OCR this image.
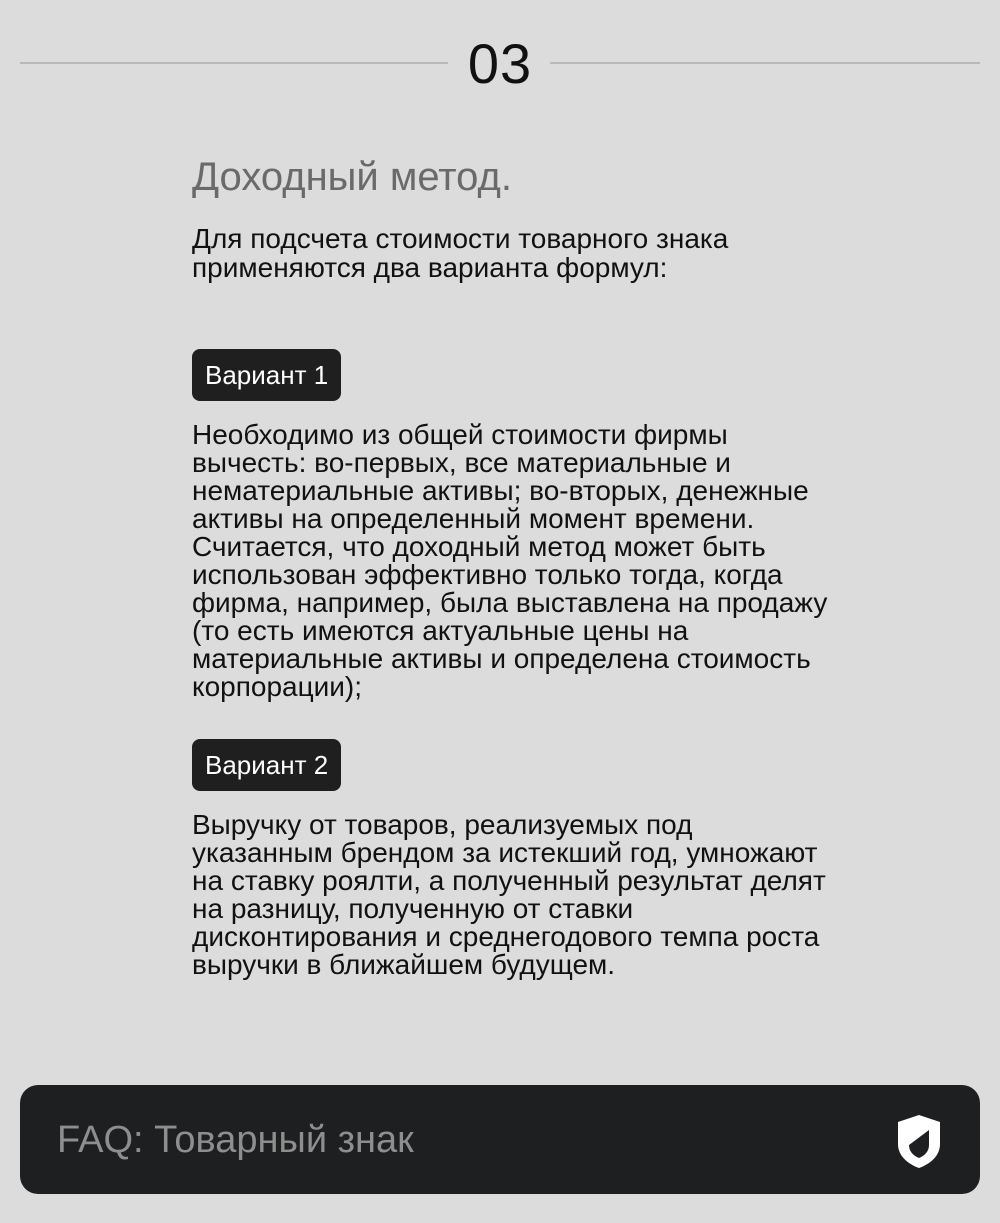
03
Доходный метод.

Для подсчета стоимости товарного знака применяются два варианта формул:

Вариант 1

Необходимо из общей стоимости фирмы вычесть: во-первых, все материальные и нематериальные активы; во-вторых, денежные активы на определенный момент времени. Считается, что доходный метод может быть использован эффективно только тогда, когда фирма, например, была выставлена на продажу (то есть имеются актуальные цены на материальные активы и определена стоимость корпорации);

Вариант 2

Выручку от товаров, реализуемых под указанным брендом за истекший год, умножают на ставку роялти, а полученный результат делят на разницу, полученную от ставки дисконтирования и среднегодового темпа роста выручки в ближайшем будущем.

FAQ: Товарный знак
